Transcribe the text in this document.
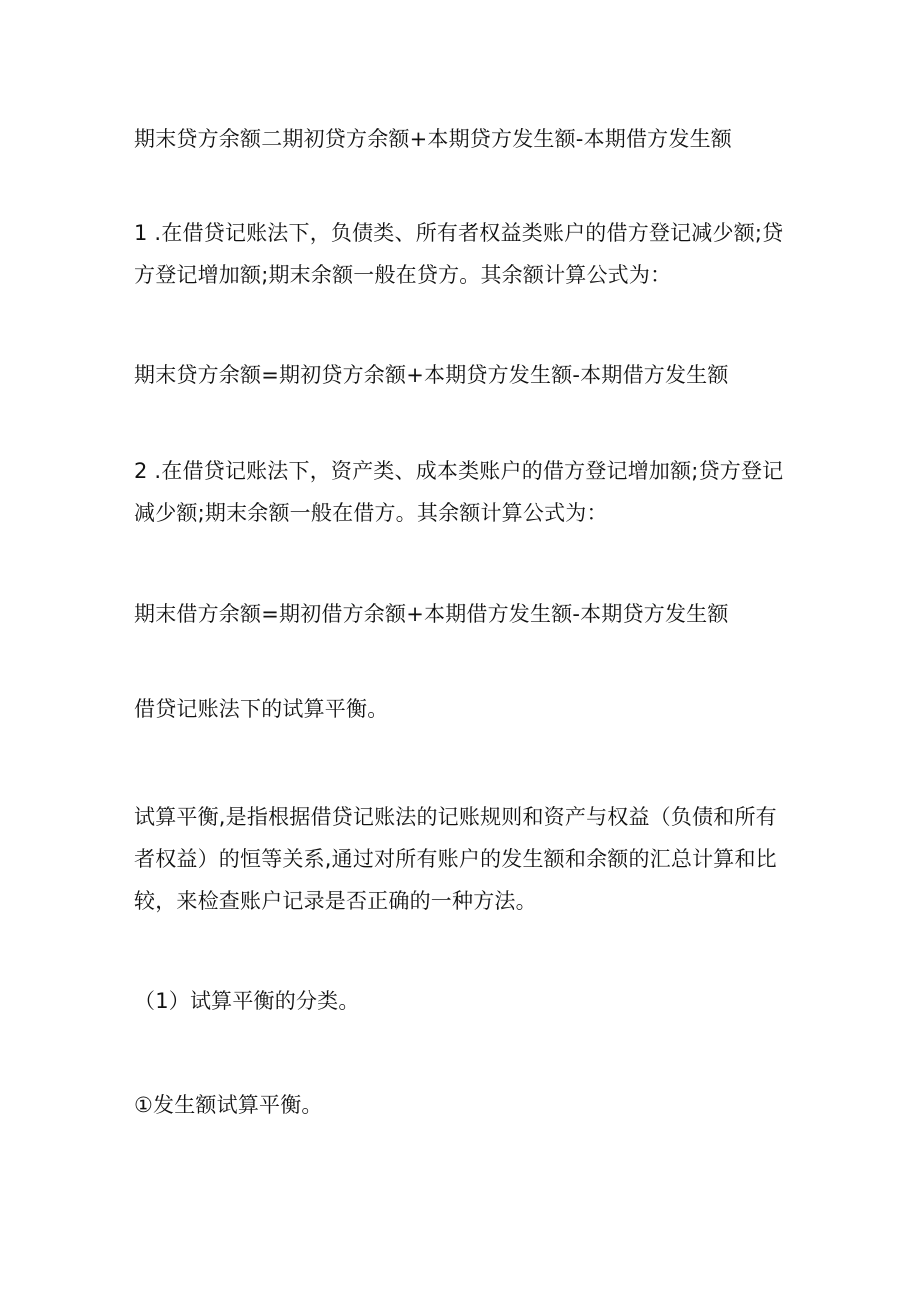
期末贷方余额二期初贷方余额+本期贷方发生额-本期借方发生额

1 .在借贷记账法下，负债类、所有者权益类账户的借方登记减少额;贷方登记增加额;期末余额一般在贷方。其余额计算公式为：

期末贷方余额=期初贷方余额+本期贷方发生额-本期借方发生额

2 .在借贷记账法下，资产类、成本类账户的借方登记增加额;贷方登记减少额;期末余额一般在借方。其余额计算公式为：

期末借方余额=期初借方余额+本期借方发生额-本期贷方发生额

借贷记账法下的试算平衡。

试算平衡,是指根据借贷记账法的记账规则和资产与权益（负债和所有者权益）的恒等关系,通过对所有账户的发生额和余额的汇总计算和比较，来检查账户记录是否正确的一种方法。

（1）试算平衡的分类。

①发生额试算平衡。
